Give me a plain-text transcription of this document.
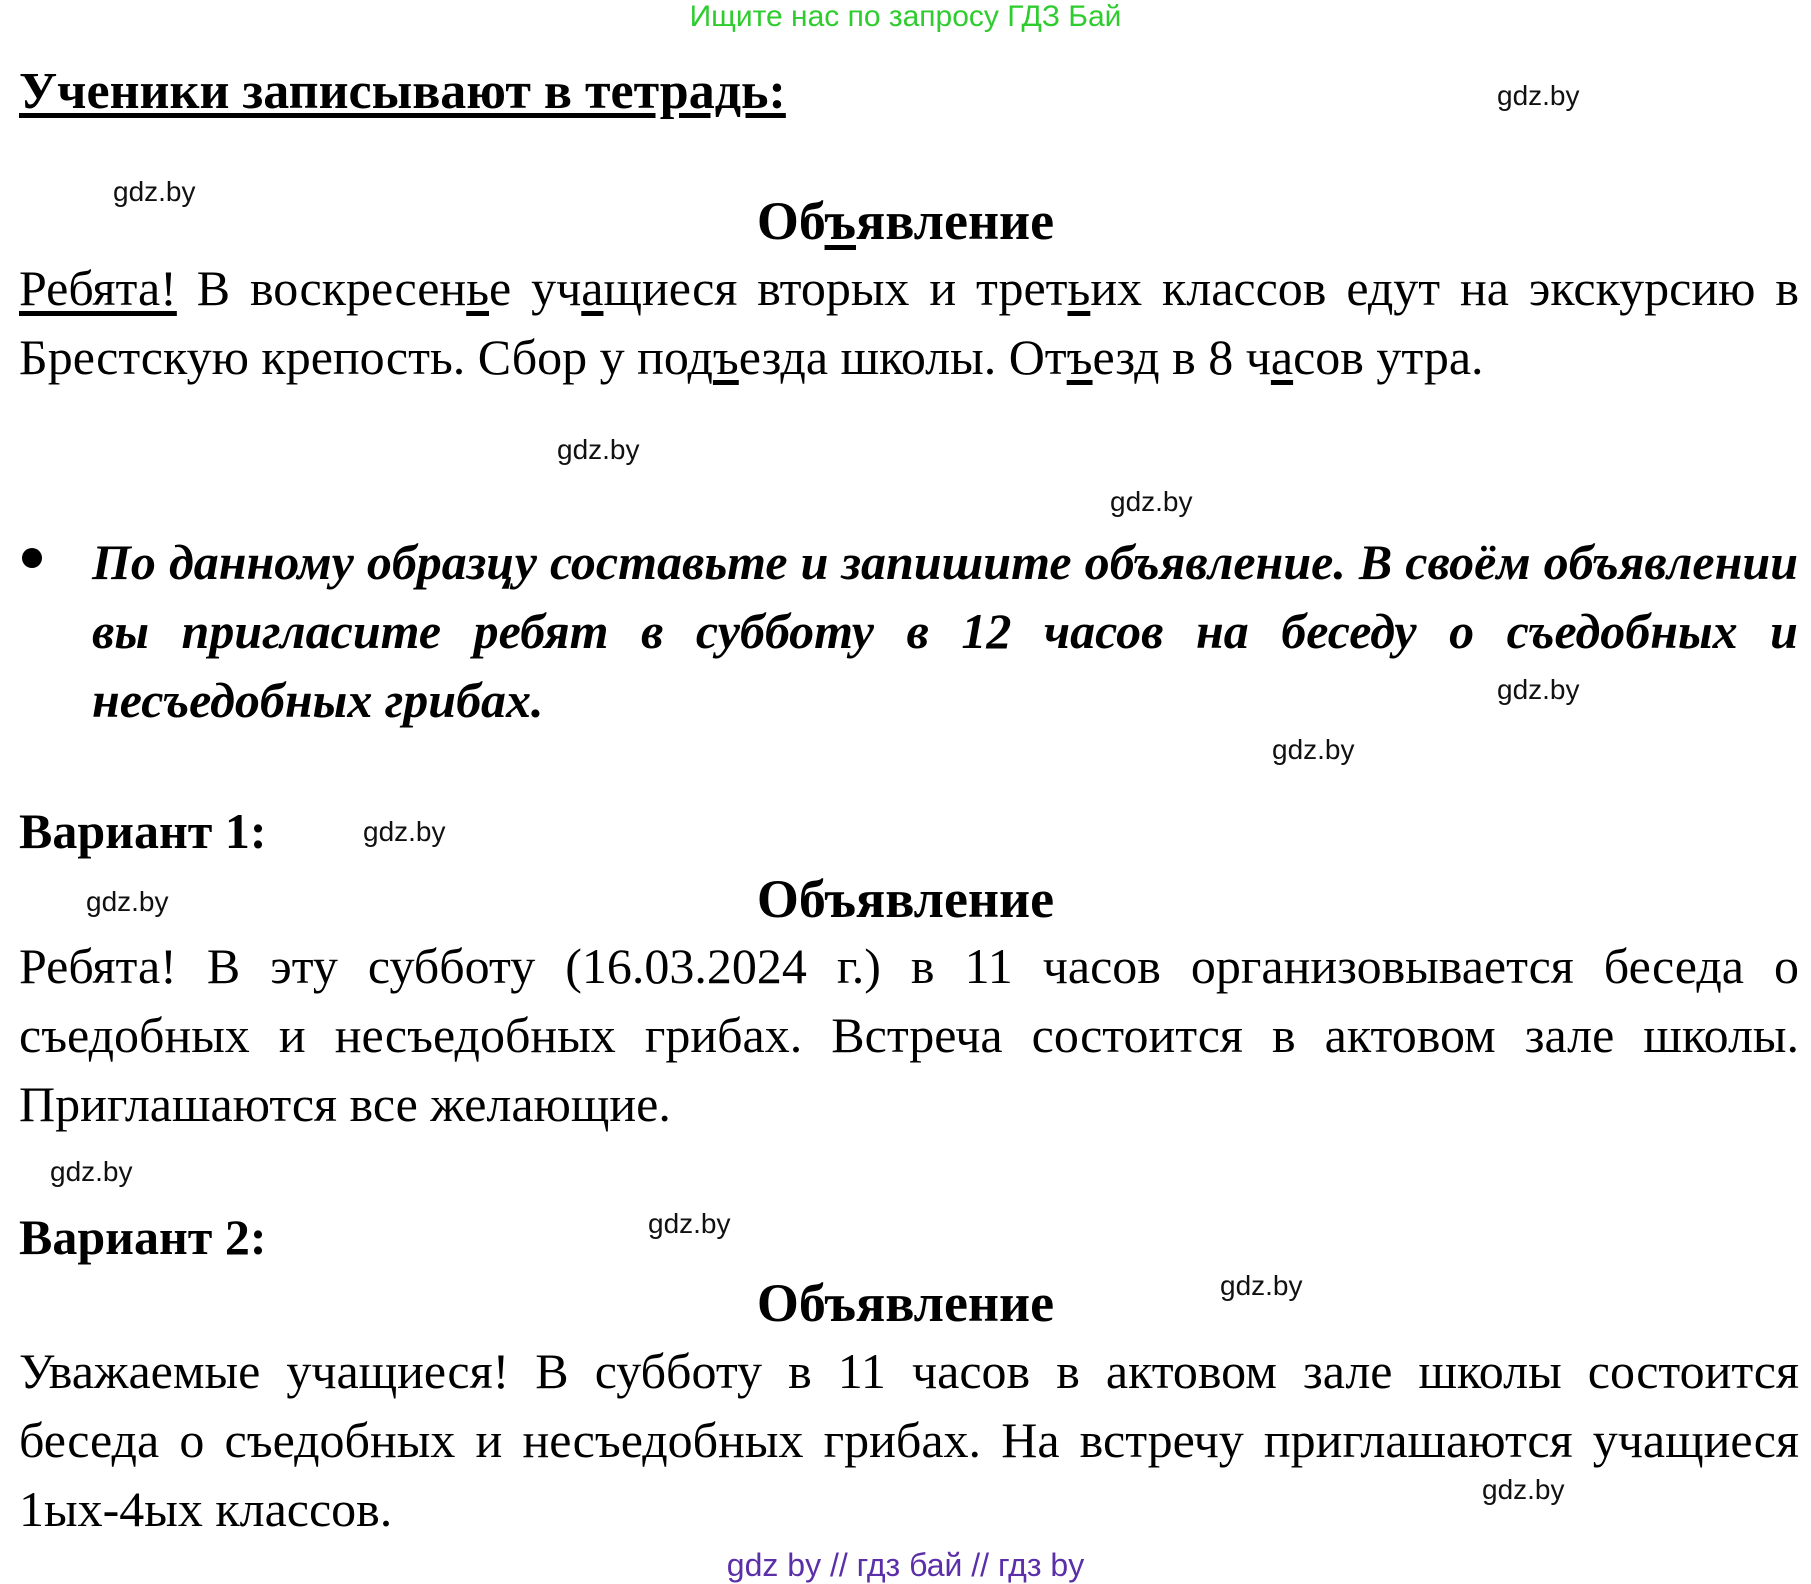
Ищите нас по запросу ГДЗ Бай
Ученики записывают в тетрадь:
Объявление
Ребята! В воскресенье учащиеся вторых и третьих классов едут на экскурсию в Брестскую крепость. Сбор у подъезда школы. Отъезд в 8 часов утра.
По данному образцу составьте и запишите объявление. В своём объявлении вы пригласите ребят в субботу в 12 часов на беседу о съедобных и несъедобных грибах.
Вариант 1:
Объявление
Ребята! В эту субботу (16.03.2024 г.) в 11 часов организовывается беседа о съедобных и несъедобных грибах. Встреча состоится в актовом зале школы. Приглашаются все желающие.
Вариант 2:
Объявление
Уважаемые учащиеся! В субботу в 11 часов в актовом зале школы состоится беседа о съедобных и несъедобных грибах. На встречу приглашаются учащиеся 1ых-4ых классов.
gdz.by
gdz.by
gdz.by
gdz.by
gdz.by
gdz.by
gdz.by
gdz.by
gdz.by
gdz.by
gdz.by
gdz.by
gdz by // гдз бай // гдз by
